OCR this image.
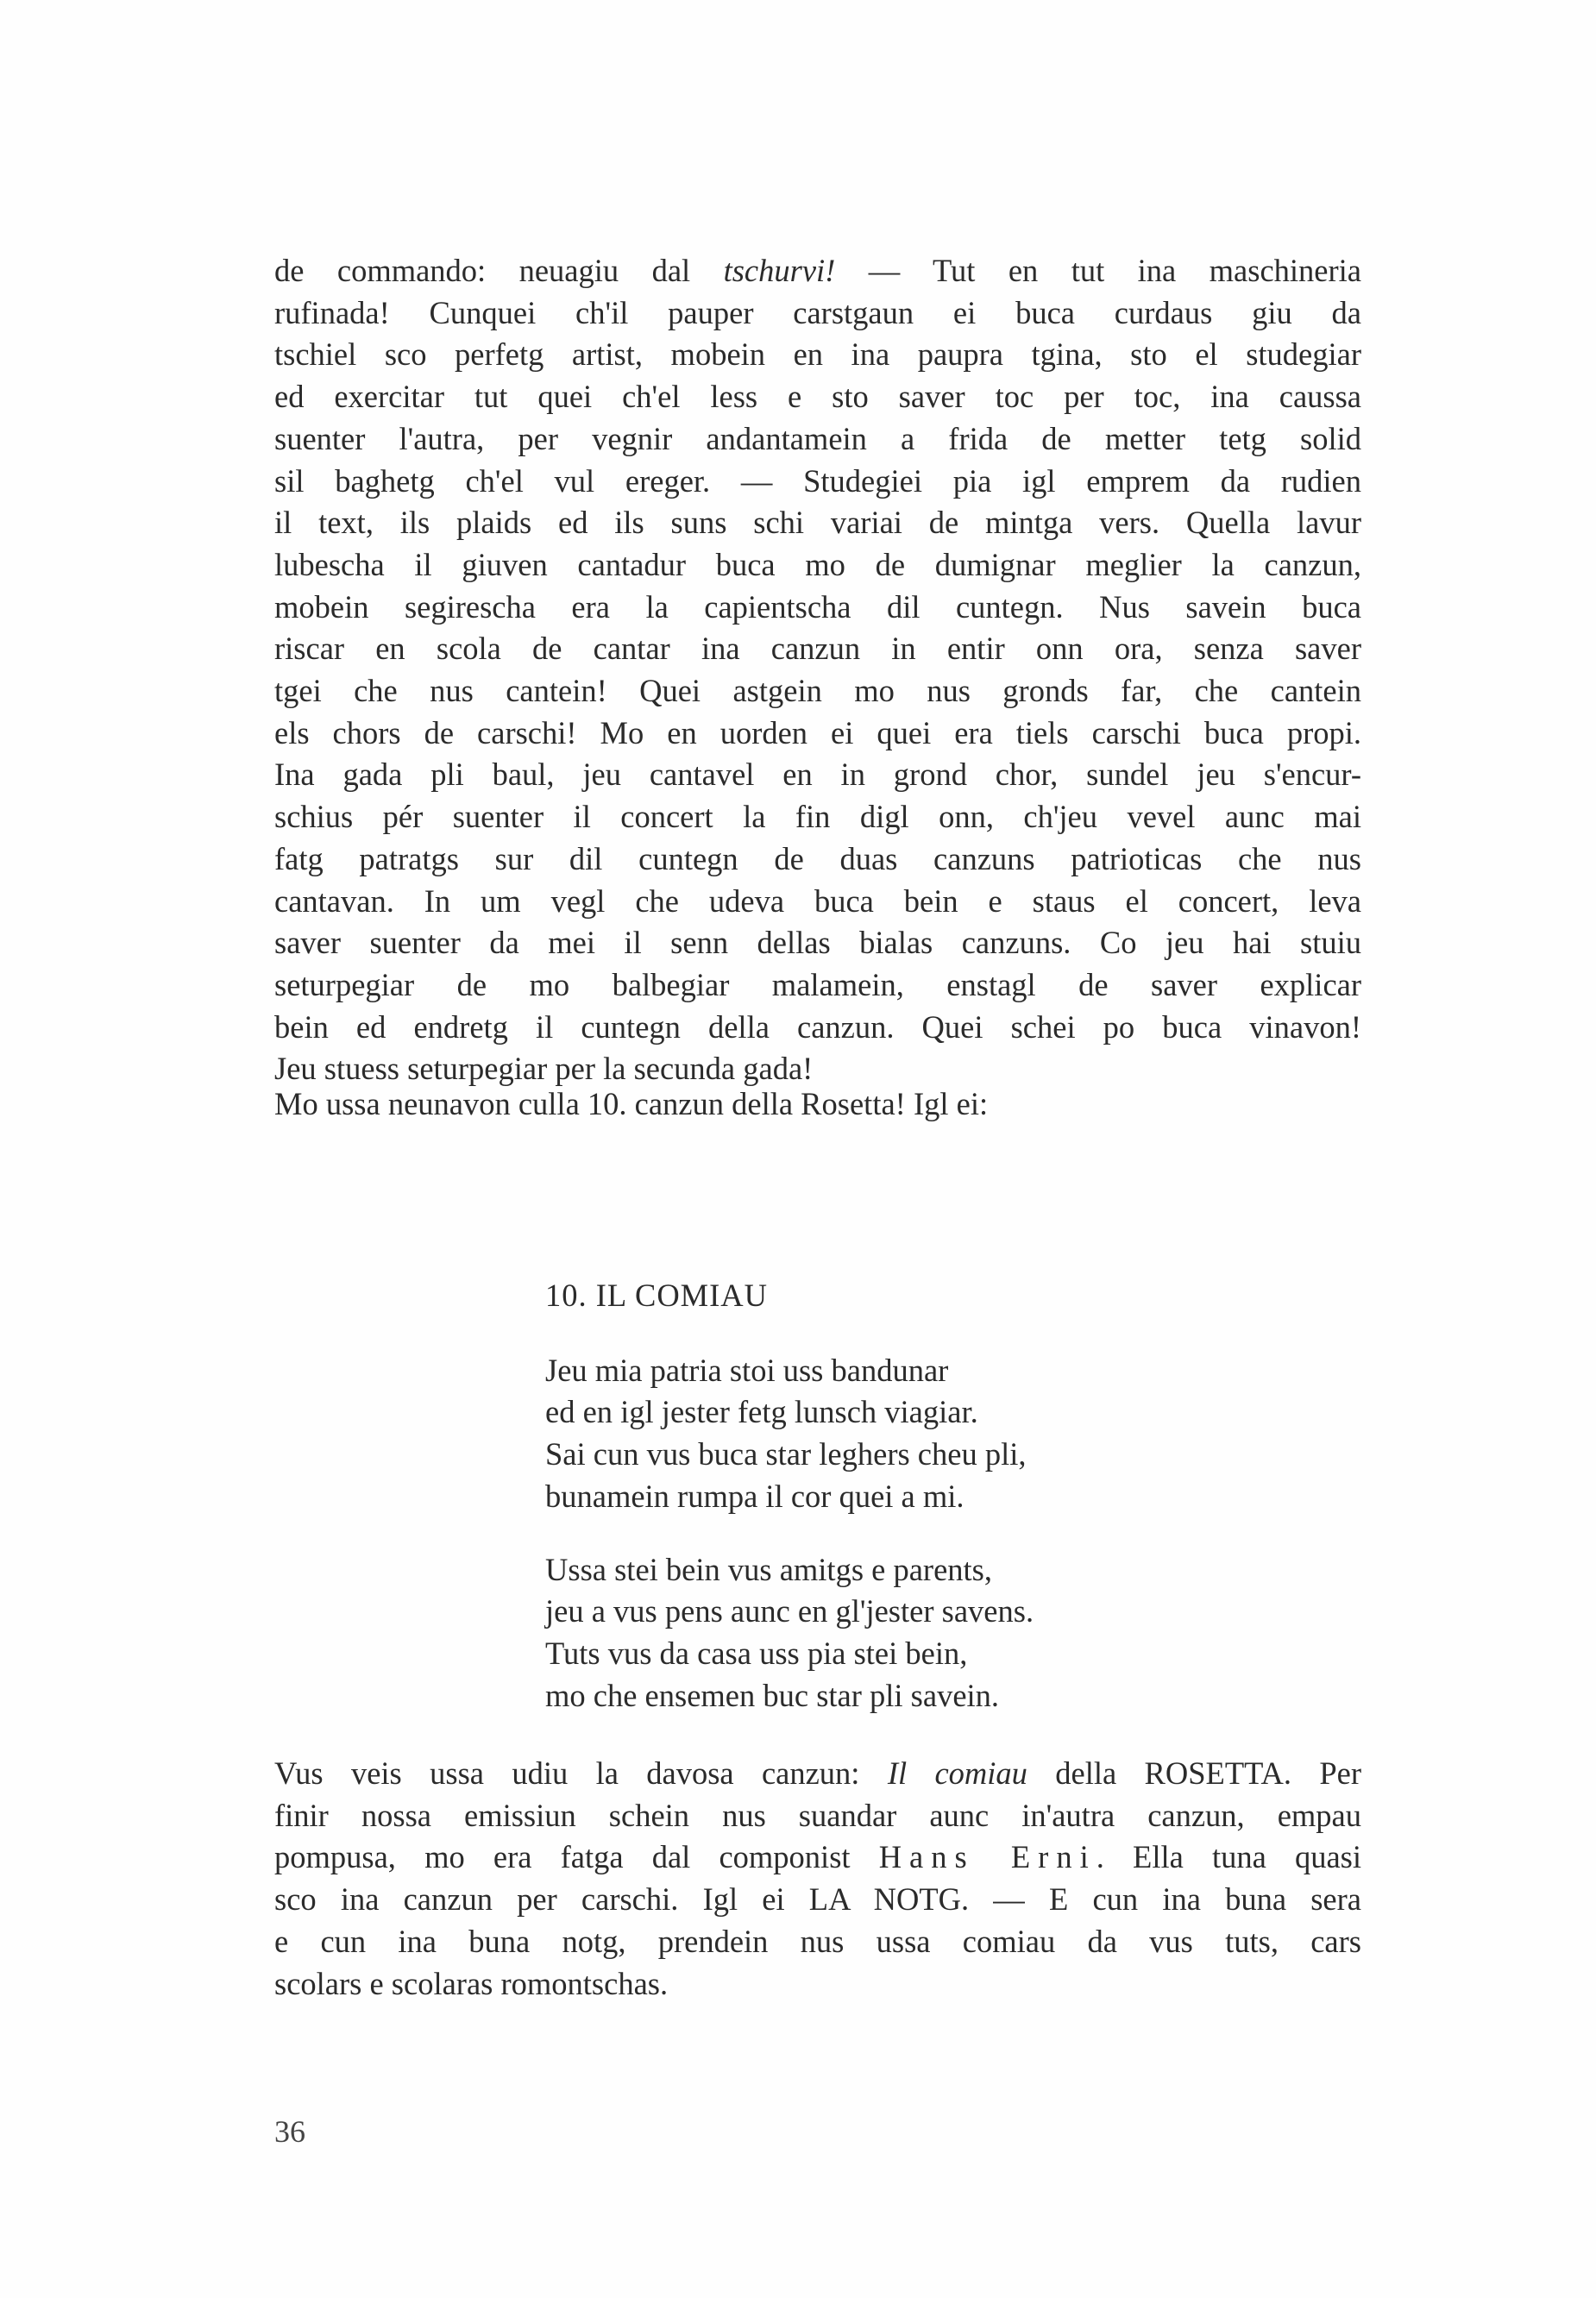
de commando: neuagiu dal tschurvi! — Tut en tut ina maschineria
rufinada! Cunquei ch'il pauper carstgaun ei buca curdaus giu da
tschiel sco perfetg artist, mobein en ina paupra tgina, sto el studegiar
ed exercitar tut quei ch'el less e sto saver toc per toc, ina caussa
suenter l'autra, per vegnir andantamein a frida de metter tetg solid
sil baghetg ch'el vul ereger. — Studegiei pia igl emprem da rudien
il text, ils plaids ed ils suns schi variai de mintga vers. Quella lavur
lubescha il giuven cantadur buca mo de dumignar meglier la canzun,
mobein segirescha era la capientscha dil cuntegn. Nus savein buca
riscar en scola de cantar ina canzun in entir onn ora, senza saver
tgei che nus cantein! Quei astgein mo nus gronds far, che cantein
els chors de carschi! Mo en uorden ei quei era tiels carschi buca propi.
Ina gada pli baul, jeu cantavel en in grond chor, sundel jeu s'encur-
schius pér suenter il concert la fin digl onn, ch'jeu vevel aunc mai
fatg patratgs sur dil cuntegn de duas canzuns patrioticas che nus
cantavan. In um vegl che udeva buca bein e staus el concert, leva
saver suenter da mei il senn dellas bialas canzuns. Co jeu hai stuiu
seturpegiar de mo balbegiar malamein, enstagl de saver explicar
bein ed endretg il cuntegn della canzun. Quei schei po buca vinavon!
Jeu stuess seturpegiar per la secunda gada!
Mo ussa neunavon culla 10. canzun della Rosetta! Igl ei:
10. IL COMIAU
Jeu mia patria stoi uss bandunar
ed en igl jester fetg lunsch viagiar.
Sai cun vus buca star leghers cheu pli,
bunamein rumpa il cor quei a mi.
Ussa stei bein vus amitgs e parents,
jeu a vus pens aunc en gl'jester savens.
Tuts vus da casa uss pia stei bein,
mo che ensemen buc star pli savein.
Vus veis ussa udiu la davosa canzun: Il comiau della ROSETTA. Per
finir nossa emissiun schein nus suandar aunc in'autra canzun, empau
pompusa, mo era fatga dal componist Hans Erni. Ella tuna quasi
sco ina canzun per carschi. Igl ei LA NOTG. — E cun ina buna sera
e cun ina buna notg, prendein nus ussa comiau da vus tuts, cars
scolars e scolaras romontschas.
36
